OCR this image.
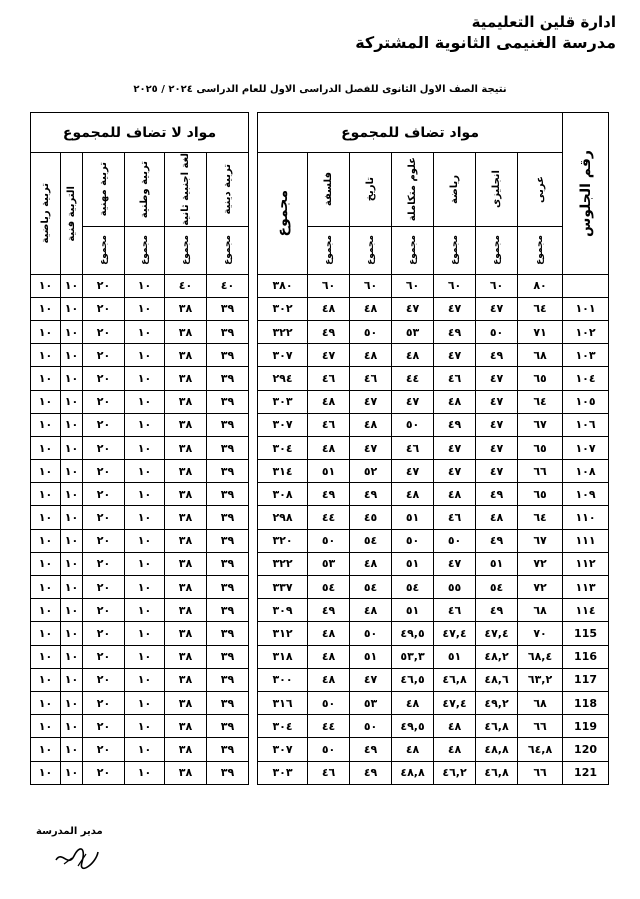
ادارة قلين التعليمية
مدرسة الغنيمى الثانوية المشتركة
نتيجة الصف الاول الثانوى للفصل الدراسى الاول للعام الدراسى ٢٠٢٤ / ٢٠٢٥
رقم الجلوس	مواد تضاف للمجموع								مواد لا تضاف للمجموع					

	عربى	انجليزى	رياضة	علوم متكاملة	تاريخ	فلسفة	مجموع		تربية دينية	لغة اجنبية ثانية	تربية وطنية	تربية مهنية	التربية فنية	تربية رياضية

	مجموع	مجموع	مجموع	مجموع	مجموع	مجموع			مجموع	مجموع	مجموع	مجموع		

	٨٠	٦٠	٦٠	٦٠	٦٠	٦٠	٣٨٠		٤٠	٤٠	١٠	٢٠	١٠	١٠
١٠١	٦٤	٤٧	٤٧	٤٧	٤٨	٤٨	٣٠٢		٣٩	٣٨	١٠	٢٠	١٠	١٠
١٠٢	٧١	٥٠	٤٩	٥٣	٥٠	٤٩	٣٢٢		٣٩	٣٨	١٠	٢٠	١٠	١٠
١٠٣	٦٨	٤٩	٤٧	٤٨	٤٨	٤٧	٣٠٧		٣٩	٣٨	١٠	٢٠	١٠	١٠
١٠٤	٦٥	٤٧	٤٦	٤٤	٤٦	٤٦	٢٩٤		٣٩	٣٨	١٠	٢٠	١٠	١٠
١٠٥	٦٤	٤٧	٤٨	٤٧	٤٧	٤٨	٣٠٣		٣٩	٣٨	١٠	٢٠	١٠	١٠
١٠٦	٦٧	٤٧	٤٩	٥٠	٤٨	٤٦	٣٠٧		٣٩	٣٨	١٠	٢٠	١٠	١٠
١٠٧	٦٥	٤٧	٤٧	٤٦	٤٧	٤٨	٣٠٤		٣٩	٣٨	١٠	٢٠	١٠	١٠
١٠٨	٦٦	٤٧	٤٧	٤٧	٥٢	٥١	٣١٤		٣٩	٣٨	١٠	٢٠	١٠	١٠
١٠٩	٦٥	٤٩	٤٨	٤٨	٤٩	٤٩	٣٠٨		٣٩	٣٨	١٠	٢٠	١٠	١٠
١١٠	٦٤	٤٨	٤٦	٥١	٤٥	٤٤	٢٩٨		٣٩	٣٨	١٠	٢٠	١٠	١٠
١١١	٦٧	٤٩	٥٠	٥٠	٥٤	٥٠	٣٢٠		٣٩	٣٨	١٠	٢٠	١٠	١٠
١١٢	٧٢	٥١	٤٧	٥١	٤٨	٥٣	٣٢٢		٣٩	٣٨	١٠	٢٠	١٠	١٠
١١٣	٧٢	٥٤	٥٥	٥٤	٥٤	٥٤	٣٣٧		٣٩	٣٨	١٠	٢٠	١٠	١٠
١١٤	٦٨	٤٩	٤٦	٥١	٤٨	٤٩	٣٠٩		٣٩	٣٨	١٠	٢٠	١٠	١٠
115	٧٠	٤٧,٤	٤٧,٤	٤٩,٥	٥٠	٤٨	٣١٢		٣٩	٣٨	١٠	٢٠	١٠	١٠
116	٦٨,٤	٤٨,٢	٥١	٥٣,٣	٥١	٤٨	٣١٨		٣٩	٣٨	١٠	٢٠	١٠	١٠
117	٦٣,٢	٤٨,٦	٤٦,٨	٤٦,٥	٤٧	٤٨	٣٠٠		٣٩	٣٨	١٠	٢٠	١٠	١٠
118	٦٨	٤٩,٢	٤٧,٤	٤٨	٥٣	٥٠	٣١٦		٣٩	٣٨	١٠	٢٠	١٠	١٠
119	٦٦	٤٦,٨	٤٨	٤٩,٥	٥٠	٤٤	٣٠٤		٣٩	٣٨	١٠	٢٠	١٠	١٠
120	٦٤,٨	٤٨,٨	٤٨	٤٨	٤٩	٥٠	٣٠٧		٣٩	٣٨	١٠	٢٠	١٠	١٠
121	٦٦	٤٦,٨	٤٦,٢	٤٨,٨	٤٩	٤٦	٣٠٣		٣٩	٣٨	١٠	٢٠	١٠	١٠
مدير المدرسة
